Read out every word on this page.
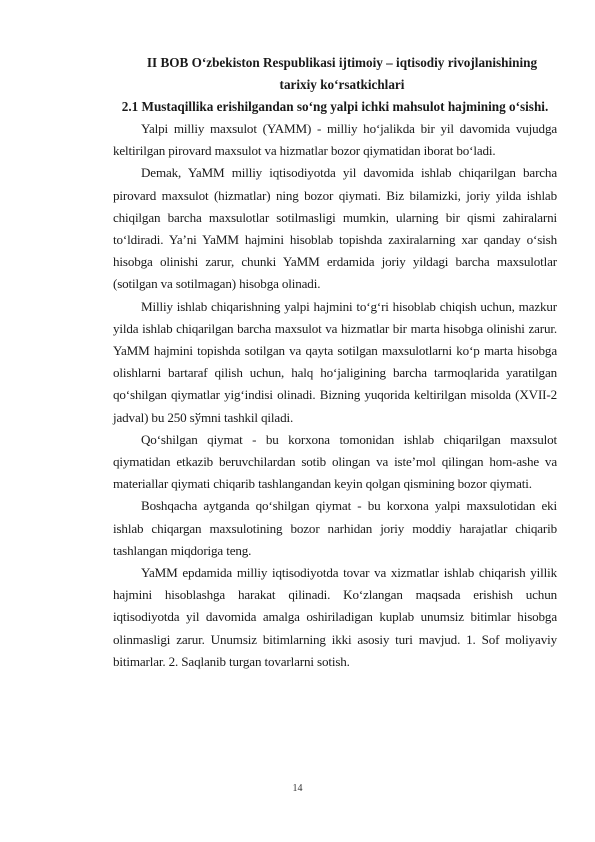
II BOB O‘zbekiston Respublikasi ijtimoiy – iqtisodiy rivojlanishining tarixiy ko‘rsatkichlari

2.1 Mustaqillika erishilgandan so‘ng yalpi ichki mahsulot hajmining o‘sishi.

Yalpi milliy maxsulot (YAMM) - milliy ho‘jalikda bir yil davomida vujudga keltirilgan pirovard maxsulot va hizmatlar bozor qiymatidan iborat bo‘ladi.

Demak, YaMM milliy iqtisodiyotda yil davomida ishlab chiqarilgan barcha pirovard maxsulot (hizmatlar) ning bozor qiymati. Biz bilamizki, joriy yilda ishlab chiqilgan barcha maxsulotlar sotilmasligi mumkin, ularning bir qismi zahiralarni to‘ldiradi. Ya’ni YaMM hajmini hisoblab topishda zaxiralarning xar qanday o‘sish hisobga olinishi zarur, chunki YaMM erdamida joriy yildagi barcha maxsulotlar (sotilgan va sotilmagan) hisobga olinadi.

Milliy ishlab chiqarishning yalpi hajmini to‘g‘ri hisoblab chiqish uchun, mazkur yilda ishlab chiqarilgan barcha maxsulot va hizmatlar bir marta hisobga olinishi zarur. YaMM hajmini topishda sotilgan va qayta sotilgan maxsulotlarni ko‘p marta hisobga olishlarni bartaraf qilish uchun, halq ho‘jaligining barcha tarmoqlarida yaratilgan qo‘shilgan qiymatlar yig‘indisi olinadi. Bizning yuqorida keltirilgan misolda (XVII-2 jadval) bu 250 sўmni tashkil qiladi.

Qo‘shilgan qiymat - bu korxona tomonidan ishlab chiqarilgan maxsulot qiymatidan etkazib beruvchilardan sotib olingan va iste’mol qilingan hom-ashe va materiallar qiymati chiqarib tashlangandan keyin qolgan qismining bozor qiymati.

Boshqacha aytganda qo‘shilgan qiymat - bu korxona yalpi maxsulotidan eki ishlab chiqargan maxsulotining bozor narhidan joriy moddiy harajatlar chiqarib tashlangan miqdoriga teng.

YaMM epdamida milliy iqtisodiyotda tovar va xizmatlar ishlab chiqarish yillik hajmini hisoblashga harakat qilinadi. Ko‘zlangan maqsada erishish uchun iqtisodiyotda yil davomida amalga oshiriladigan kuplab unumsiz bitimlar hisobga olinmasligi zarur. Unumsiz bitimlarning ikki asosiy turi mavjud. 1. Sof moliyaviy bitimarlar. 2. Saqlanib turgan tovarlarni sotish.

14
